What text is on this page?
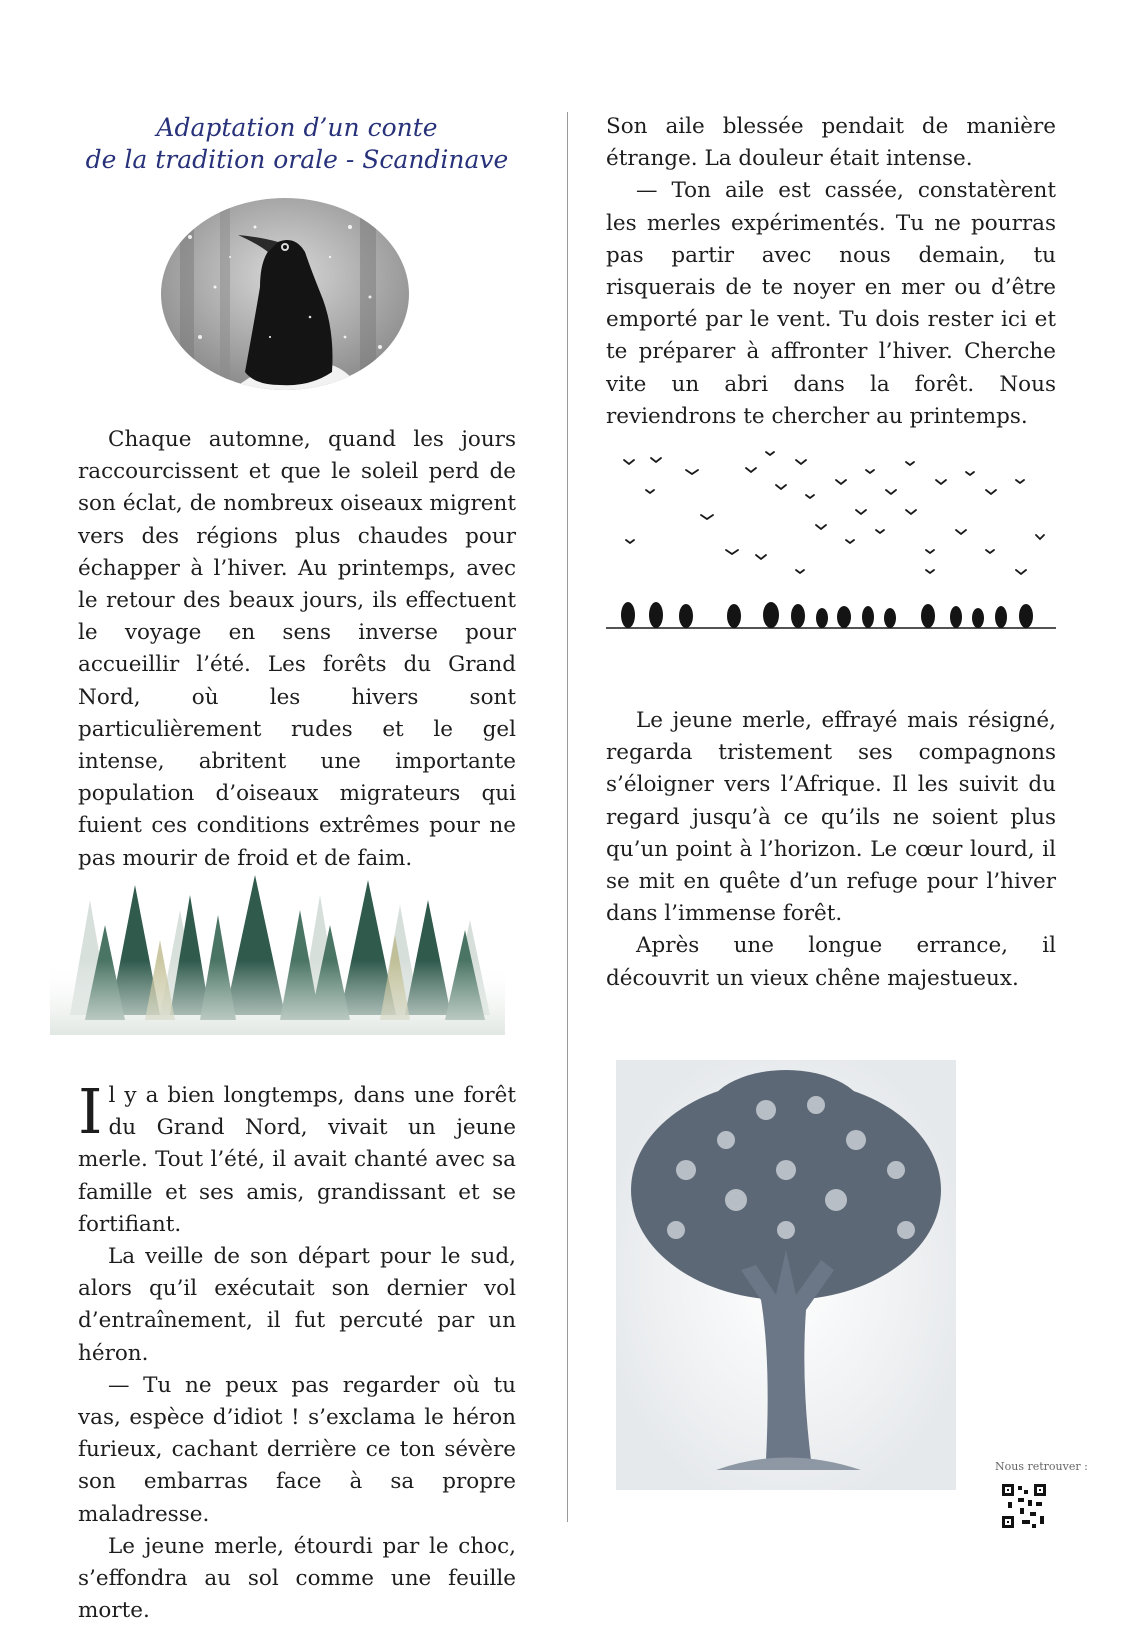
Adaptation d’un conte
de la tradition orale - Scandinave

Chaque automne, quand les jours raccourcissent et que le soleil perd de son éclat, de nombreux oiseaux migrent vers des régions plus chaudes pour échapper à l’hiver. Au printemps, avec le retour des beaux jours, ils effectuent le voyage en sens inverse pour accueillir l’été. Les forêts du Grand Nord, où les hivers sont particulièrement rudes et le gel intense, abritent une importante population d’oiseaux migrateurs qui fuient ces conditions extrêmes pour ne pas mourir de froid et de faim.

Il y a bien longtemps, dans une forêt du Grand Nord, vivait un jeune merle. Tout l’été, il avait chanté avec sa famille et ses amis, grandissant et se fortifiant.

La veille de son départ pour le sud, alors qu’il exécutait son dernier vol d’entraînement, il fut percuté par un héron.

— Tu ne peux pas regarder où tu vas, espèce d’idiot ! s’exclama le héron furieux, cachant derrière ce ton sévère son embarras face à sa propre maladresse.

Le jeune merle, étourdi par le choc, s’effondra au sol comme une feuille morte.

Son aile blessée pendait de manière étrange. La douleur était intense.

— Ton aile est cassée, constatèrent les merles expérimentés. Tu ne pourras pas partir avec nous demain, tu risquerais de te noyer en mer ou d’être emporté par le vent. Tu dois rester ici et te préparer à affronter l’hiver. Cherche vite un abri dans la forêt. Nous reviendrons te chercher au printemps.

Le jeune merle, effrayé mais résigné, regarda tristement ses compagnons s’éloigner vers l’Afrique. Il les suivit du regard jusqu’à ce qu’ils ne soient plus qu’un point à l’horizon. Le cœur lourd, il se mit en quête d’un refuge pour l’hiver dans l’immense forêt.

Après une longue errance, il découvrit un vieux chêne majestueux.

Nous retrouver :
